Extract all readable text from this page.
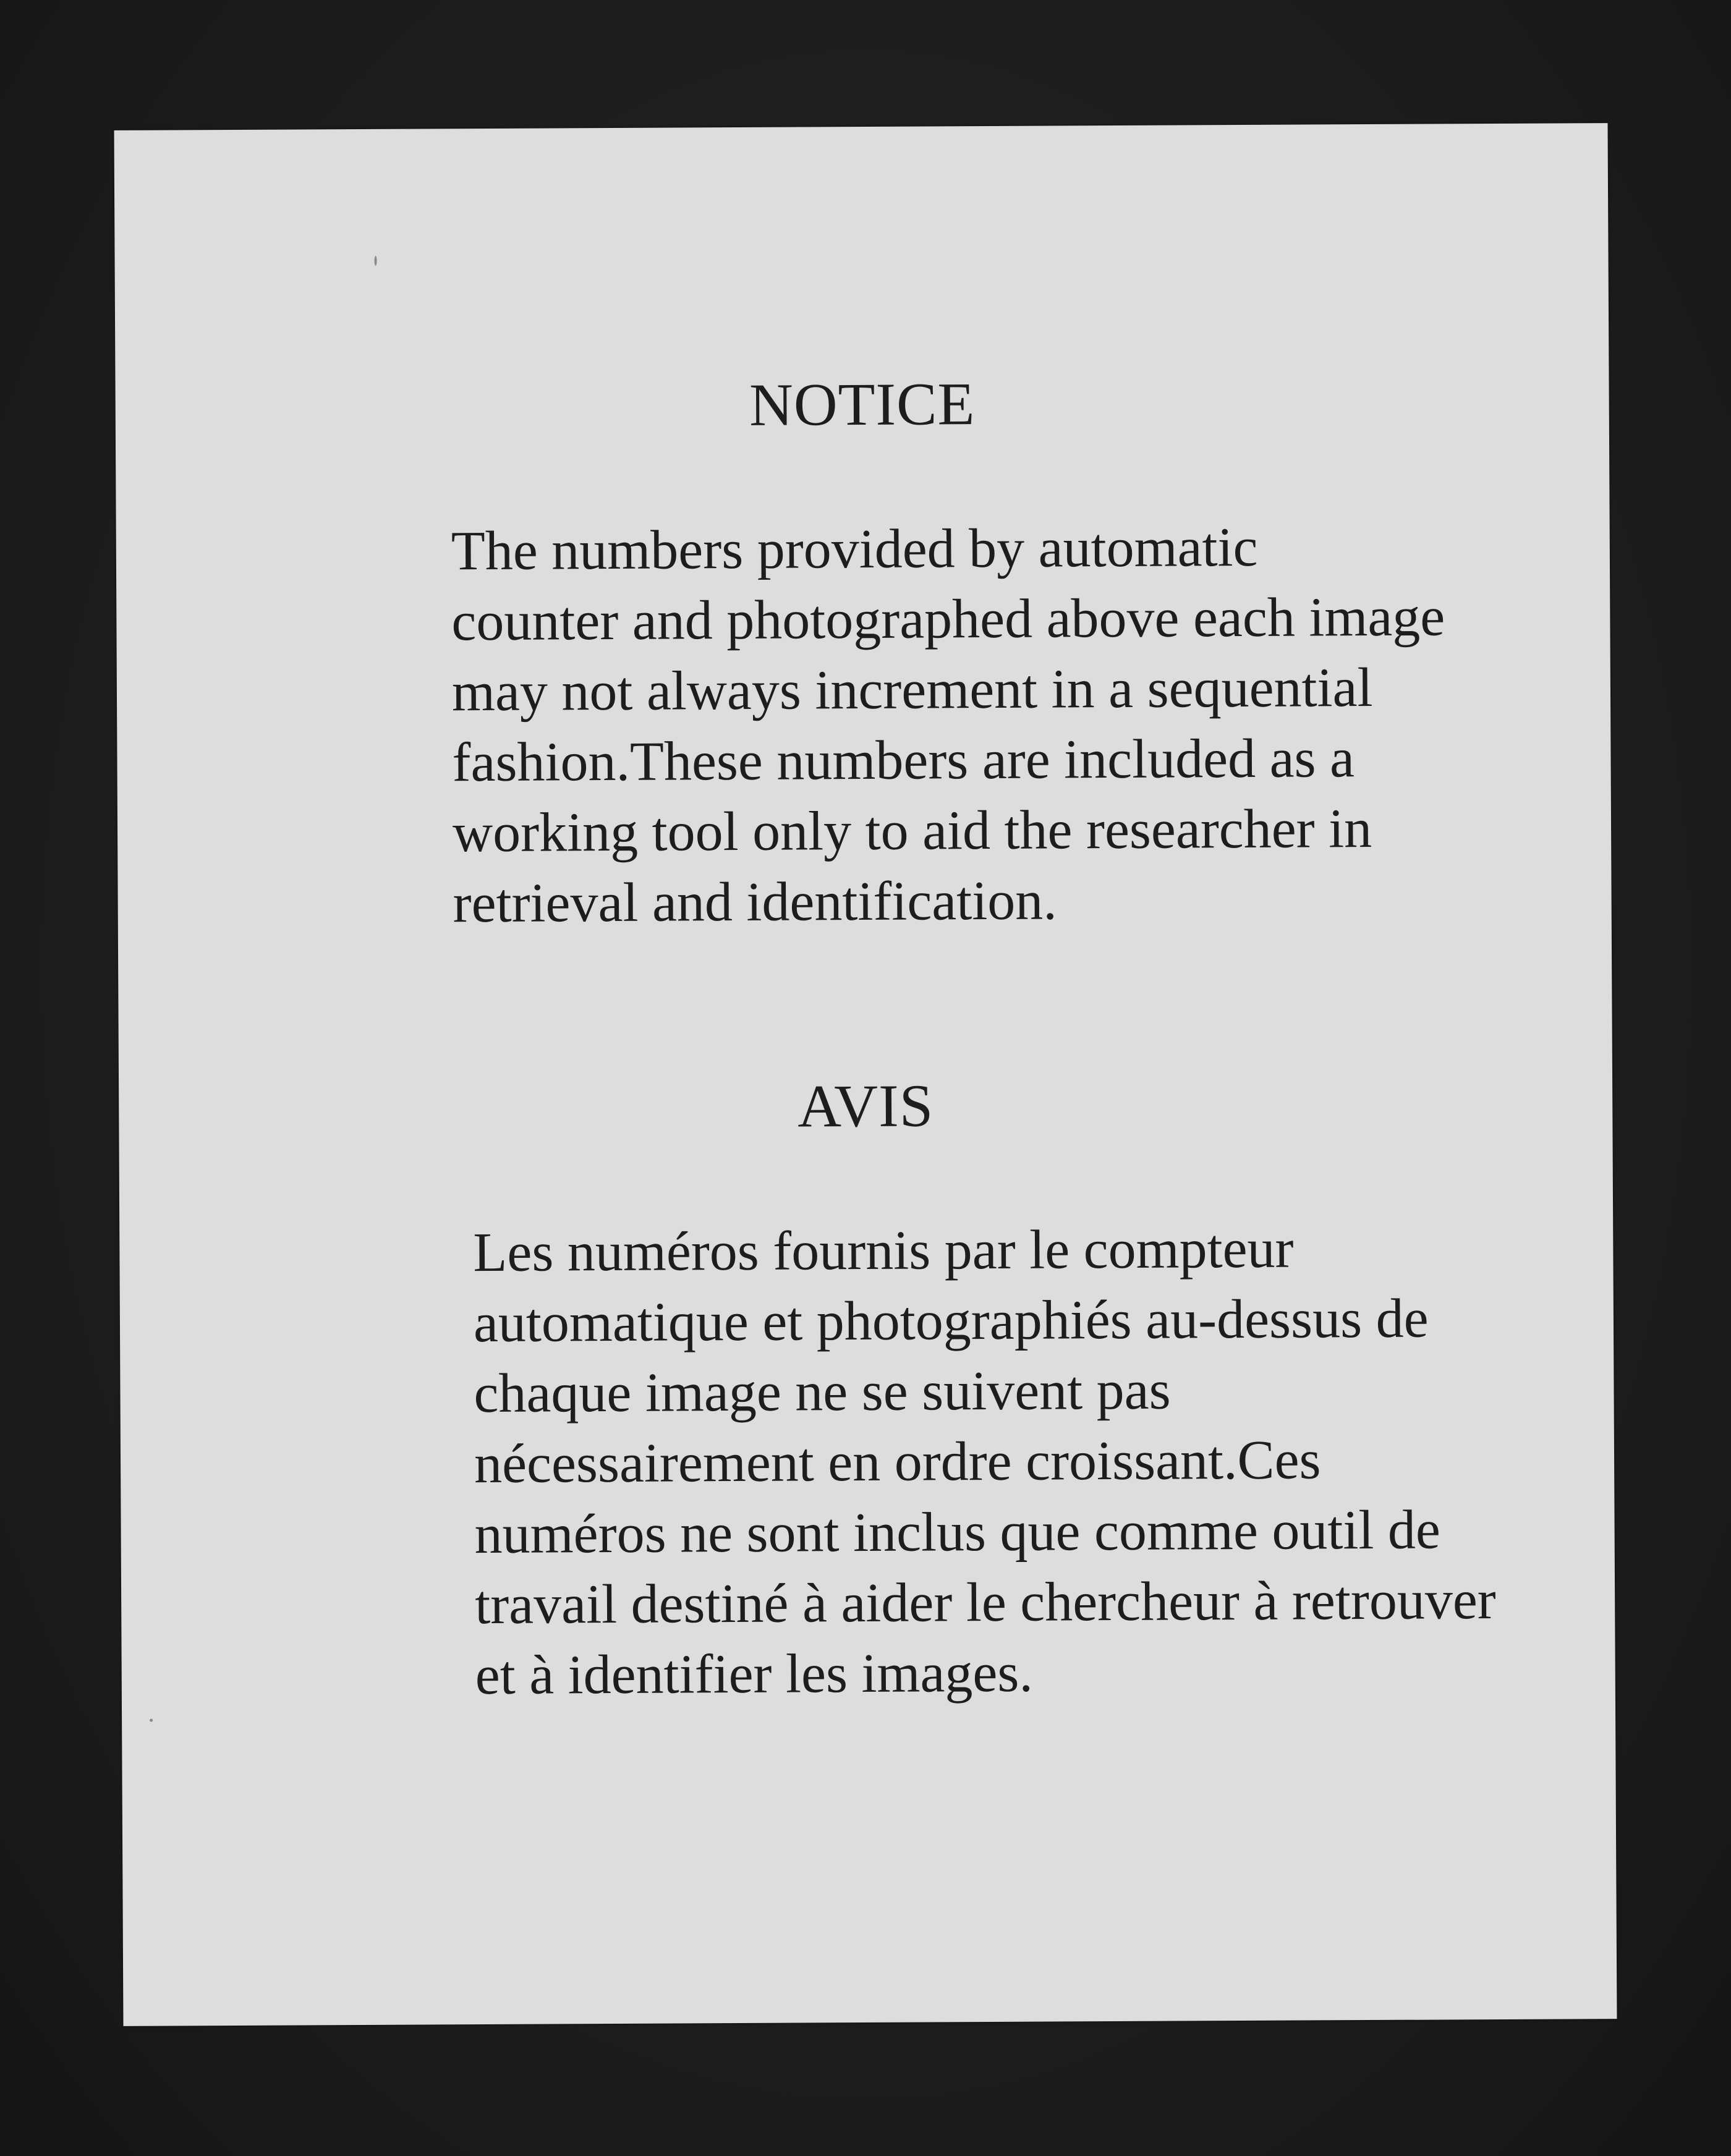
NOTICE

The numbers provided by automatic
counter and photographed above each image
may not always increment in a sequential
fashion.These numbers are included as a
working tool only to aid the researcher in
retrieval and identification.

AVIS

Les numéros fournis par le compteur
automatique et photographiés au-dessus de
chaque image ne se suivent pas
nécessairement en ordre croissant.Ces
numéros ne sont inclus que comme outil de
travail destiné à aider le chercheur à retrouver
et à identifier les images.
